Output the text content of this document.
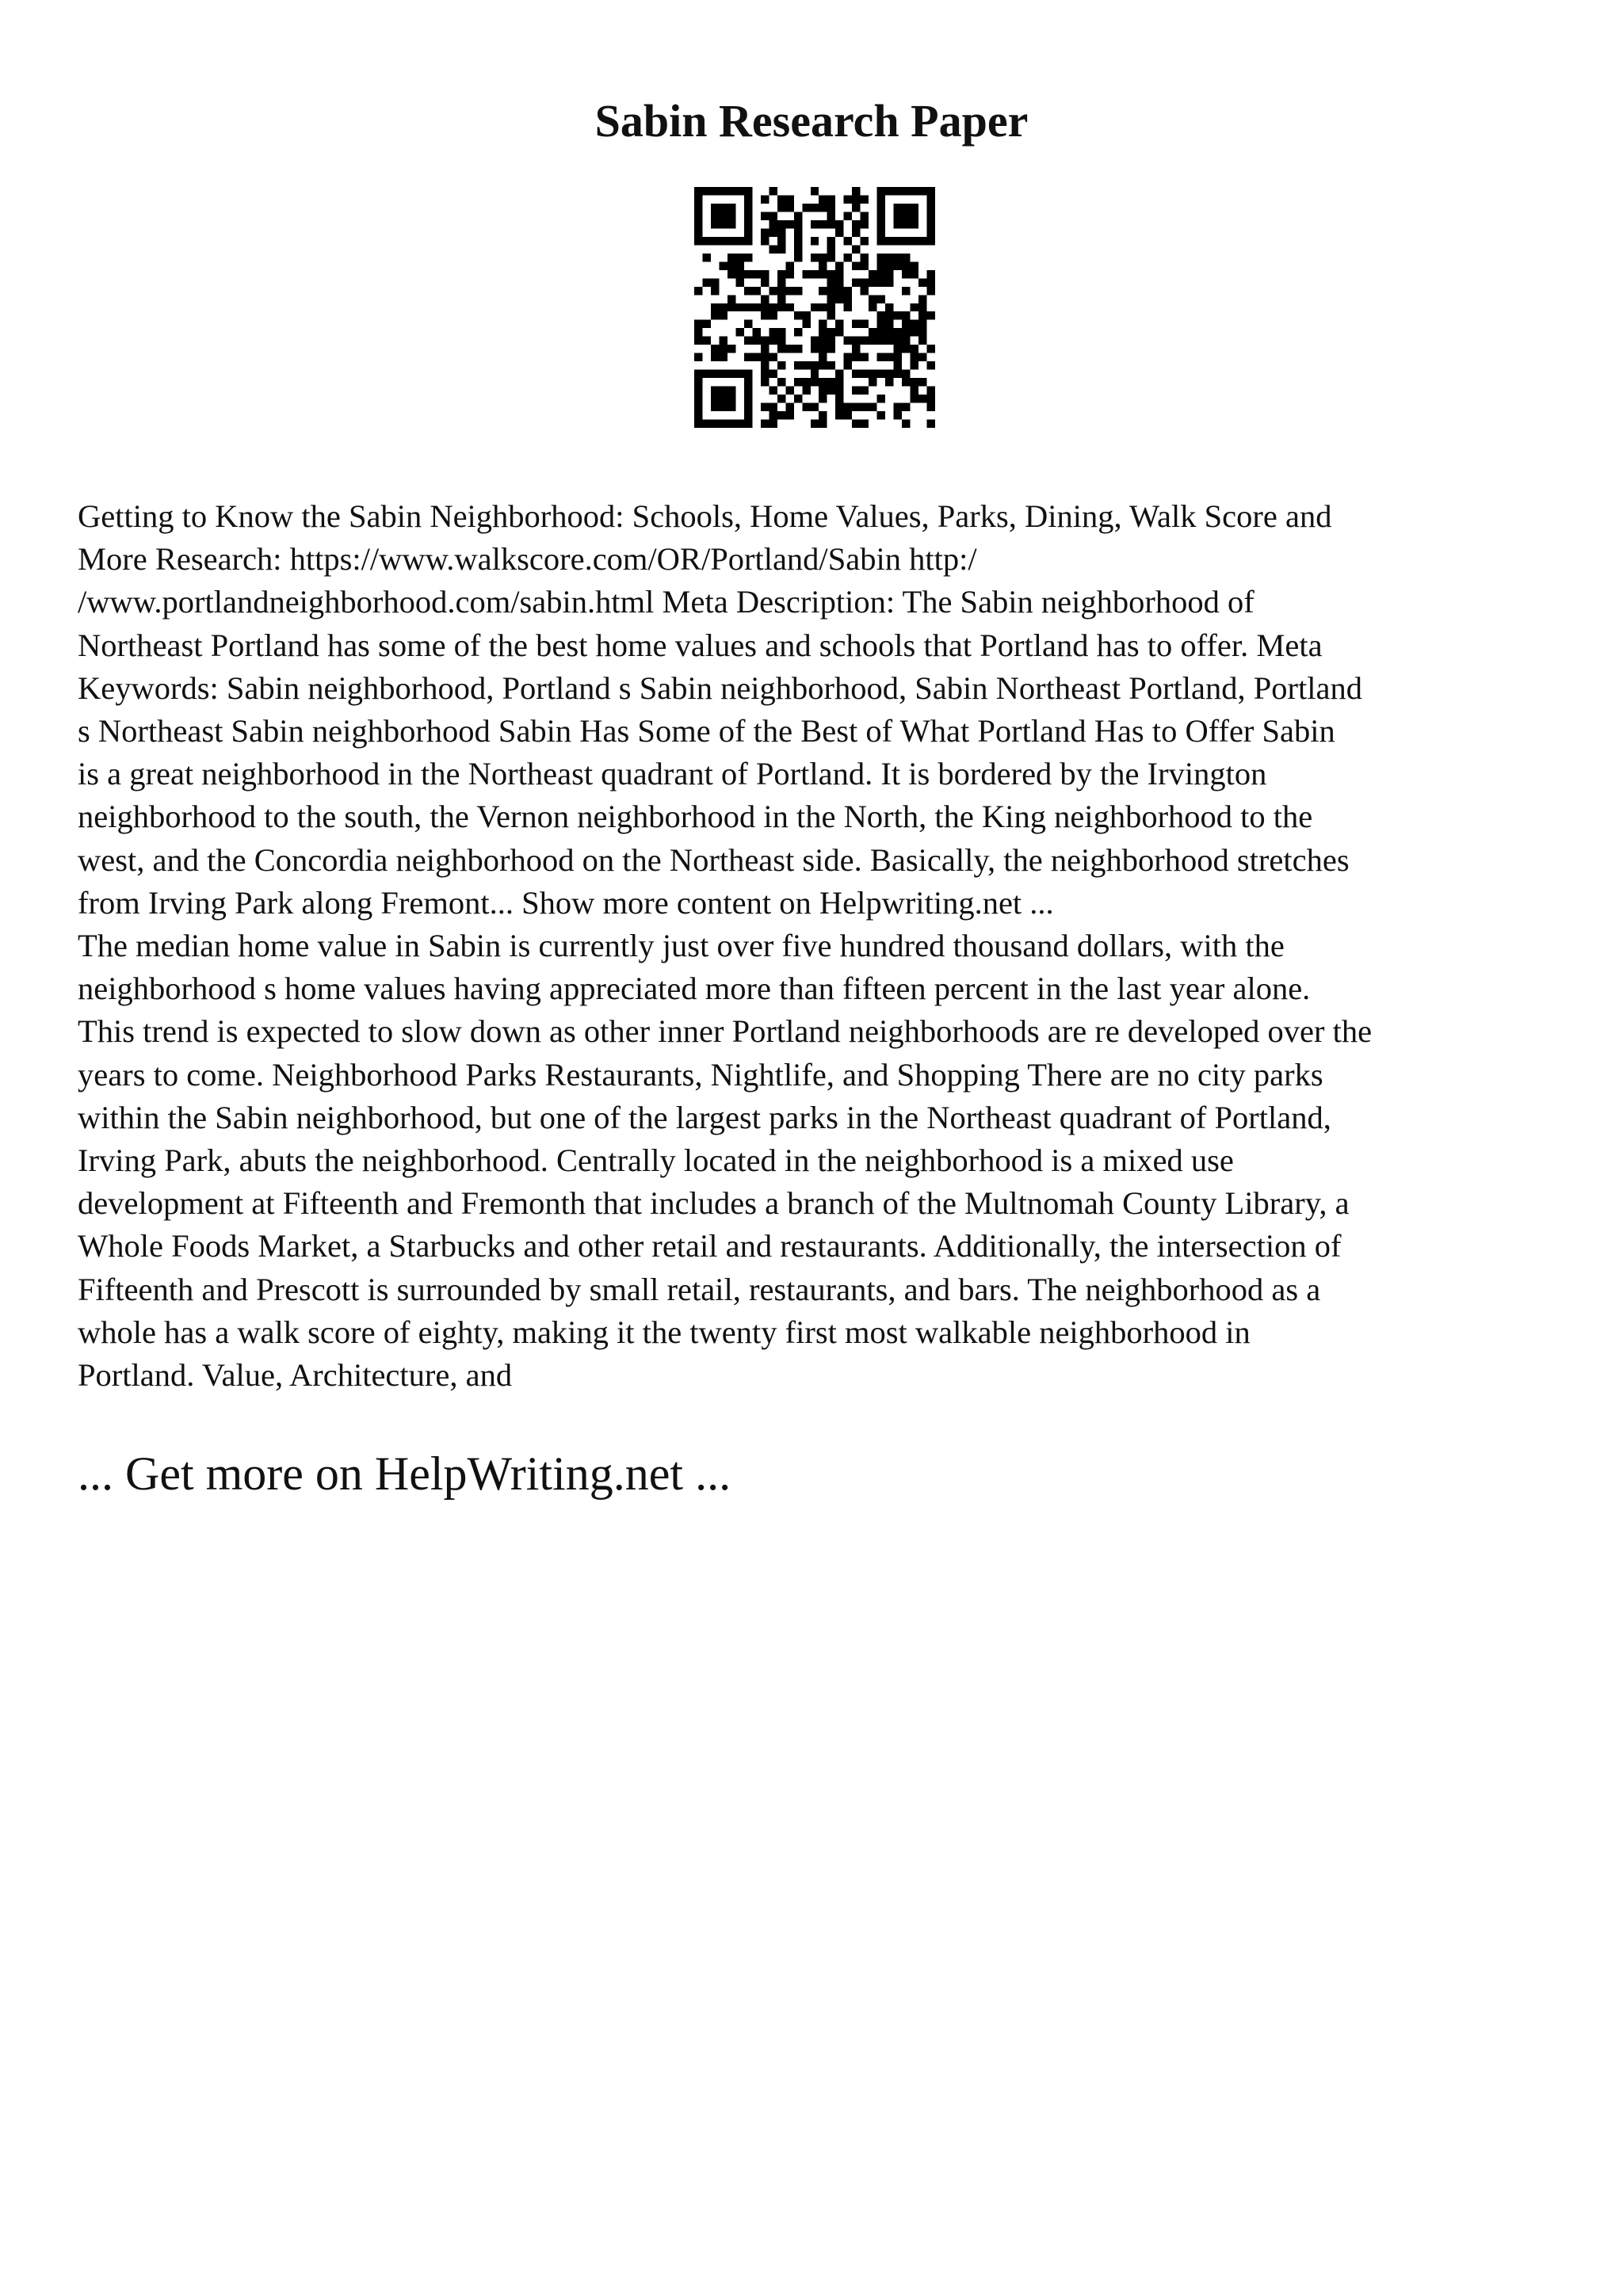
Sabin Research Paper

Getting to Know the Sabin Neighborhood: Schools, Home Values, Parks, Dining, Walk Score and
More Research: https://www.walkscore.com/OR/Portland/Sabin http:/
/www.portlandneighborhood.com/sabin.html Meta Description: The Sabin neighborhood of
Northeast Portland has some of the best home values and schools that Portland has to offer. Meta
Keywords: Sabin neighborhood, Portland s Sabin neighborhood, Sabin Northeast Portland, Portland
s Northeast Sabin neighborhood Sabin Has Some of the Best of What Portland Has to Offer Sabin
is a great neighborhood in the Northeast quadrant of Portland. It is bordered by the Irvington
neighborhood to the south, the Vernon neighborhood in the North, the King neighborhood to the
west, and the Concordia neighborhood on the Northeast side. Basically, the neighborhood stretches
from Irving Park along Fremont... Show more content on Helpwriting.net ...
The median home value in Sabin is currently just over five hundred thousand dollars, with the
neighborhood s home values having appreciated more than fifteen percent in the last year alone.
This trend is expected to slow down as other inner Portland neighborhoods are re developed over the
years to come. Neighborhood Parks Restaurants, Nightlife, and Shopping There are no city parks
within the Sabin neighborhood, but one of the largest parks in the Northeast quadrant of Portland,
Irving Park, abuts the neighborhood. Centrally located in the neighborhood is a mixed use
development at Fifteenth and Fremonth that includes a branch of the Multnomah County Library, a
Whole Foods Market, a Starbucks and other retail and restaurants. Additionally, the intersection of
Fifteenth and Prescott is surrounded by small retail, restaurants, and bars. The neighborhood as a
whole has a walk score of eighty, making it the twenty first most walkable neighborhood in
Portland. Value, Architecture, and

... Get more on HelpWriting.net ...
